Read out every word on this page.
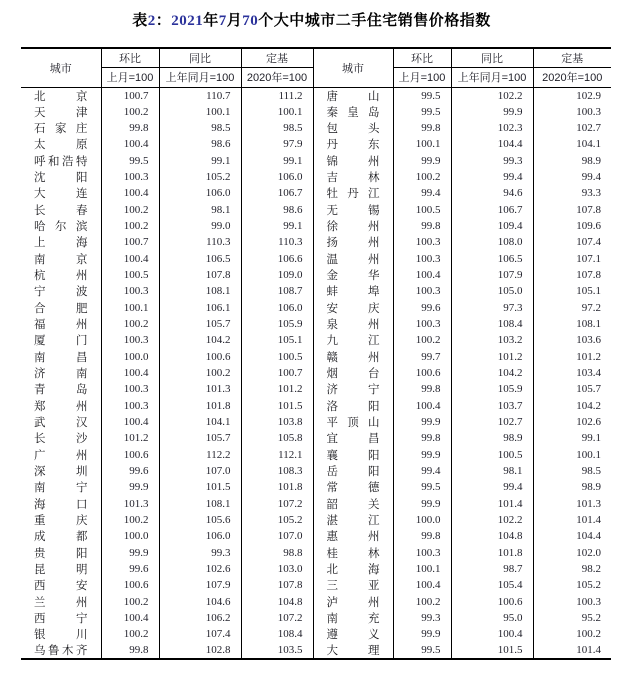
表2：2021年7月70个大中城市二手住宅销售价格指数
城市	环比	同比	定基	城市	环比	同比	定基
	上月=100	上年同月=100	2020年=100		上月=100	上年同月=100	2020年=100
北京	100.7	110.7	111.2	唐山	99.5	102.2	102.9
天津	100.2	100.1	100.1	秦皇岛	99.5	99.9	100.3
石家庄	99.8	98.5	98.5	包头	99.8	102.3	102.7
太原	100.4	98.6	97.9	丹东	100.1	104.4	104.1
呼和浩特	99.5	99.1	99.1	锦州	99.9	99.3	98.9
沈阳	100.3	105.2	106.0	吉林	100.2	99.4	99.4
大连	100.4	106.0	106.7	牡丹江	99.4	94.6	93.3
长春	100.2	98.1	98.6	无锡	100.5	106.7	107.8
哈尔滨	100.2	99.0	99.1	徐州	99.8	109.4	109.6
上海	100.7	110.3	110.3	扬州	100.3	108.0	107.4
南京	100.4	106.5	106.6	温州	100.3	106.5	107.1
杭州	100.5	107.8	109.0	金华	100.4	107.9	107.8
宁波	100.3	108.1	108.7	蚌埠	100.3	105.0	105.1
合肥	100.1	106.1	106.0	安庆	99.6	97.3	97.2
福州	100.2	105.7	105.9	泉州	100.3	108.4	108.1
厦门	100.3	104.2	105.1	九江	100.2	103.2	103.6
南昌	100.0	100.6	100.5	赣州	99.7	101.2	101.2
济南	100.4	100.2	100.7	烟台	100.6	104.2	103.4
青岛	100.3	101.3	101.2	济宁	99.8	105.9	105.7
郑州	100.3	101.8	101.5	洛阳	100.4	103.7	104.2
武汉	100.4	104.1	103.8	平顶山	99.9	102.7	102.6
长沙	101.2	105.7	105.8	宜昌	99.8	98.9	99.1
广州	100.6	112.2	112.1	襄阳	99.9	100.5	100.1
深圳	99.6	107.0	108.3	岳阳	99.4	98.1	98.5
南宁	99.9	101.5	101.8	常德	99.5	99.4	98.9
海口	101.3	108.1	107.2	韶关	99.9	101.4	101.3
重庆	100.2	105.6	105.2	湛江	100.0	102.2	101.4
成都	100.0	106.0	107.0	惠州	99.8	104.8	104.4
贵阳	99.9	99.3	98.8	桂林	100.3	101.8	102.0
昆明	99.6	102.6	103.0	北海	100.1	98.7	98.2
西安	100.6	107.9	107.8	三亚	100.4	105.4	105.2
兰州	100.2	104.6	104.8	泸州	100.2	100.6	100.3
西宁	100.4	106.2	107.2	南充	99.3	95.0	95.2
银川	100.2	107.4	108.4	遵义	99.9	100.4	100.2
乌鲁木齐	99.8	102.8	103.5	大理	99.5	101.5	101.4
